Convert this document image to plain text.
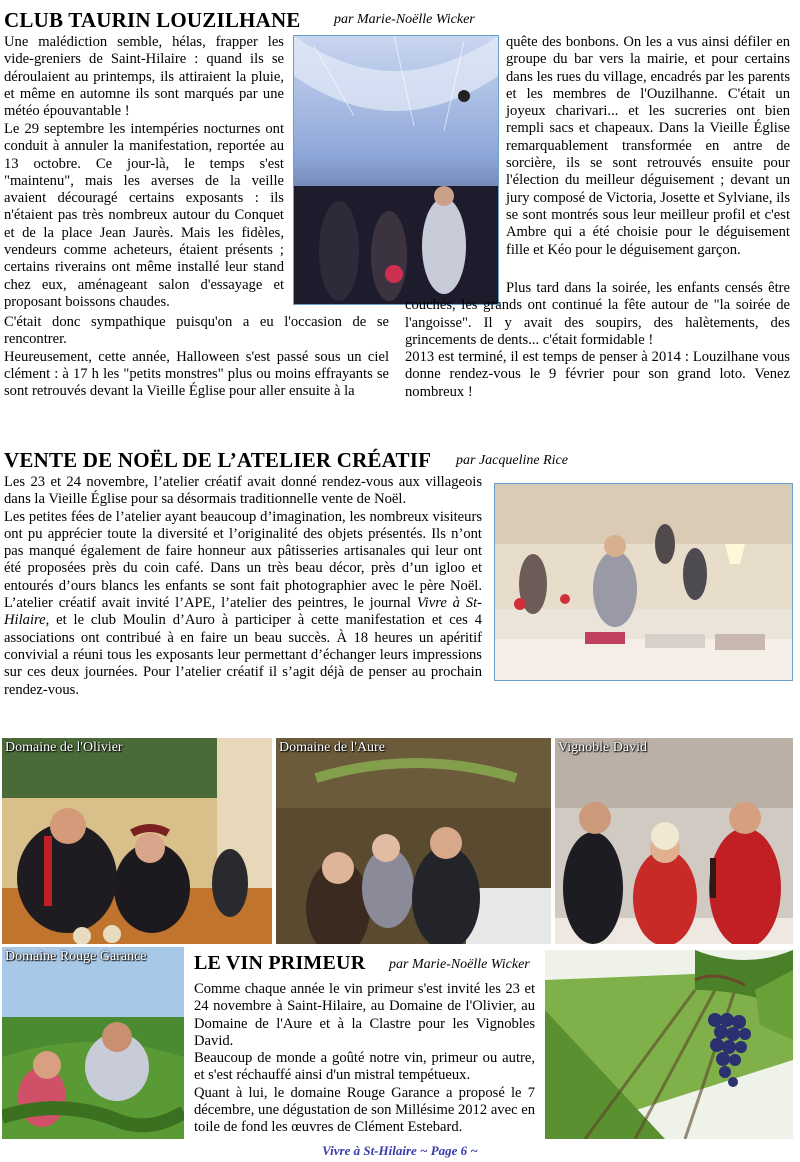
CLUB TAURIN LOUZILHANE par Marie-Noëlle Wicker

Une malédiction semble, hélas, frapper les vide-greniers de Saint-Hilaire : quand ils se déroulaient au printemps, ils attiraient la pluie, et même en automne ils sont marqués par une météo épouvantable !

Le 29 septembre les intempéries nocturnes ont conduit à annuler la manifestation, reportée au 13 octobre. Ce jour-là, le temps s'est "maintenu", mais les averses de la veille avaient découragé certains exposants : ils n'étaient pas très nombreux autour du Conquet et de la place Jean Jaurès. Mais les fidèles, vendeurs comme acheteurs, étaient présents ; certains riverains ont même installé leur stand chez eux, aménageant salon d'essayage et proposant boissons chaudes.

C'était donc sympathique puisqu'on a eu l'occasion de se rencontrer.

Heureusement, cette année, Halloween s'est passé sous un ciel clément : à 17 h les "petits monstres" plus ou moins effrayants se sont retrouvés devant la Vieille Église pour aller ensuite à la

quête des bonbons. On les a vus ainsi défiler en groupe du bar vers la mairie, et pour certains dans les rues du village, encadrés par les parents et les membres de l'Ouzilhanne. C'était un joyeux charivari... et les sucreries ont bien rempli sacs et chapeaux. Dans la Vieille Église remarquablement transformée en antre de sorcière, ils se sont retrouvés ensuite pour l'élection du meilleur déguisement ; devant un jury composé de Victoria, Josette et Sylviane, ils se sont montrés sous leur meilleur profil et c'est Ambre qui a été choisie pour le déguisement fille et Kéo pour le déguisement garçon.

Plus tard dans la soirée, les enfants censés être couchés, les grands ont continué la fête autour de "la soirée de l'angoisse". Il y avait des soupirs, des halètements, des grincements de dents... c'était formidable !

2013 est terminé, il est temps de penser à 2014 : Louzilhane vous donne rendez-vous le 9 février pour son grand loto. Venez nombreux !

VENTE DE NOËL DE L’ATELIER CRÉATIF par Jacqueline Rice

Les 23 et 24 novembre, l’atelier créatif avait donné rendez-vous aux villageois dans la Vieille Église pour sa désormais traditionnelle vente de Noël.

Les petites fées de l’atelier ayant beaucoup d’imagination, les nombreux visiteurs ont pu apprécier toute la diversité et l’originalité des objets présentés. Ils n’ont pas manqué également de faire honneur aux pâtisseries artisanales qui leur ont été proposées près du coin café. Dans un très beau décor, près d’un igloo et entourés d’ours blancs les enfants se sont fait photographier avec le père Noël. L’atelier créatif avait invité l’APE, l’atelier des peintres, le journal Vivre à St-Hilaire, et le club Moulin d’Auro à participer à cette manifestation et ces 4 associations ont contribué à en faire un beau succès. À 18 heures un apéritif convivial a réuni tous les exposants leur permettant d’échanger leurs impressions sur ces deux journées. Pour l’atelier créatif il s’agit déjà de penser au prochain rendez-vous.

Domaine de l'Olivier	Domaine de l'Aure	Vignoble David
Domaine Rouge Garance LE VIN PRIMEUR par Marie-Noëlle Wicker

Comme chaque année le vin primeur s'est invité les 23 et 24 novembre à Saint-Hilaire, au Domaine de l'Olivier, au Domaine de l'Aure et à la Clastre pour les Vignobles David.

Beaucoup de monde a goûté notre vin, primeur ou autre, et s'est réchauffé ainsi d'un mistral tempétueux.

Quant à lui, le domaine Rouge Garance a proposé le 7 décembre, une dégustation de son Millésime 2012 avec en toile de fond les œuvres de Clément Estebard.

Vivre à St-Hilaire ~ Page 6 ~
